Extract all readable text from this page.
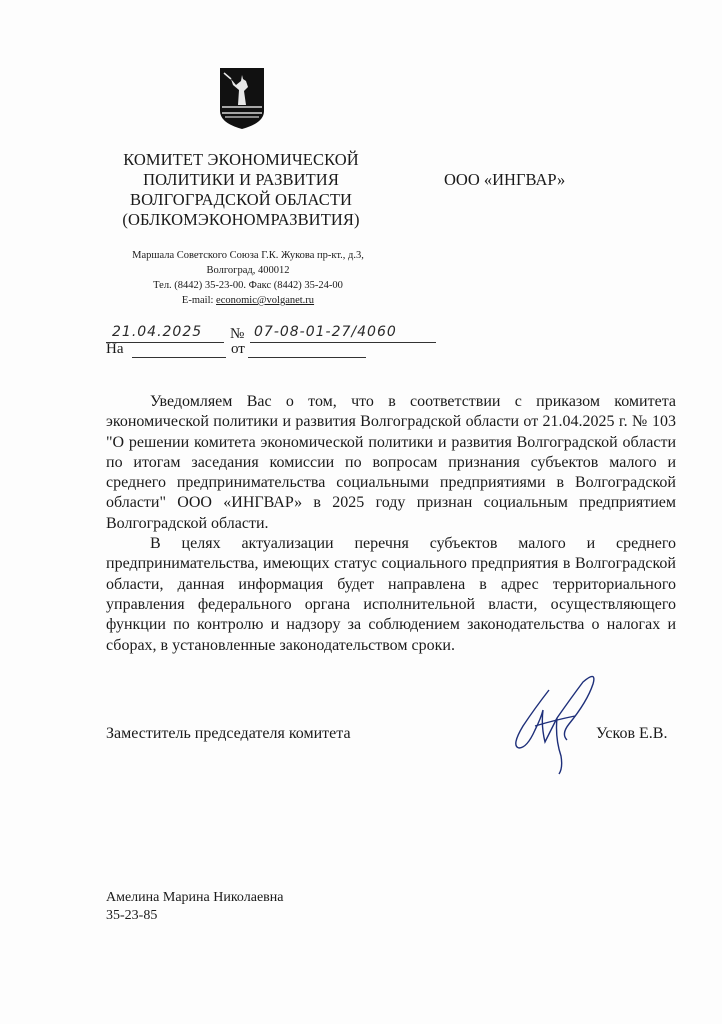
КОМИТЕТ ЭКОНОМИЧЕСКОЙ
ПОЛИТИКИ И РАЗВИТИЯ
ВОЛГОГРАДСКОЙ ОБЛАСТИ
(ОБЛКОМЭКОНОМРАЗВИТИЯ)
Маршала Советского Союза Г.К. Жукова пр-кт., д.3,
Волгоград, 400012
Тел. (8442) 35-23-00. Факс (8442) 35-24-00
E-mail: economic@volganet.ru
ООО «ИНГВАР»
21.04.2025 № 07-08-01-27/4060
На	от

Уведомляем Вас о том, что в соответствии с приказом комитета экономической политики и развития Волгоградской области от 21.04.2025 г. № 103 "О решении комитета экономической политики и развития Волгоградской области по итогам заседания комиссии по вопросам признания субъектов малого и среднего предпринимательства социальными предприятиями в Волгоградской области" ООО «ИНГВАР» в 2025 году признан социальным предприятием Волгоградской области.

В целях актуализации перечня субъектов малого и среднего предпринимательства, имеющих статус социального предприятия в Волгоградской области, данная информация будет направлена в адрес территориального управления федерального органа исполнительной власти, осуществляющего функции по контролю и надзору за соблюдением законодательства о налогах и сборах, в установленные законодательством сроки.

Заместитель председателя комитета	Усков Е.В.
Амелина Марина Николаевна
35-23-85
